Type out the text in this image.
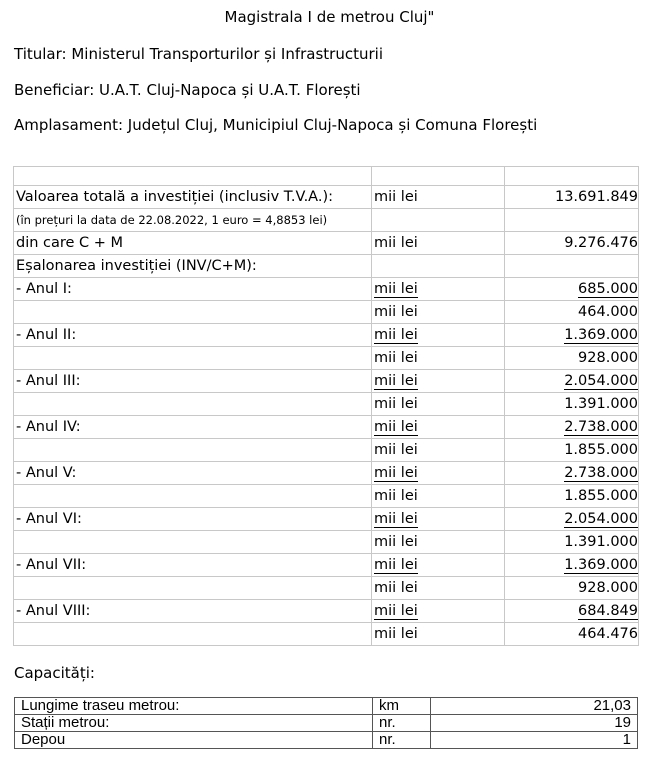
Magistrala I de metrou Cluj"
Titular: Ministerul Transporturilor și Infrastructurii
Beneficiar: U.A.T. Cluj-Napoca și U.A.T. Florești
Amplasament: Județul Cluj, Municipiul Cluj-Napoca și Comuna Florești

Valoarea totală a investiției (inclusiv T.V.A.):	mii lei	13.691.849
(în prețuri la data de 22.08.2022, 1 euro = 4,8853 lei)		
din care C + M	mii lei	9.276.476
Eșalonarea investiției (INV/C+M):		
- Anul I:	mii lei	685.000
	mii lei	464.000
- Anul II:	mii lei	1.369.000
	mii lei	928.000
- Anul III:	mii lei	2.054.000
	mii lei	1.391.000
- Anul IV:	mii lei	2.738.000
	mii lei	1.855.000
- Anul V:	mii lei	2.738.000
	mii lei	1.855.000
- Anul VI:	mii lei	2.054.000
	mii lei	1.391.000
- Anul VII:	mii lei	1.369.000
	mii lei	928.000
- Anul VIII:	mii lei	684.849
	mii lei	464.476
Capacități:
Lungime traseu metrou:	km	21,03
Stații metrou:	nr.	19
Depou	nr.	1
